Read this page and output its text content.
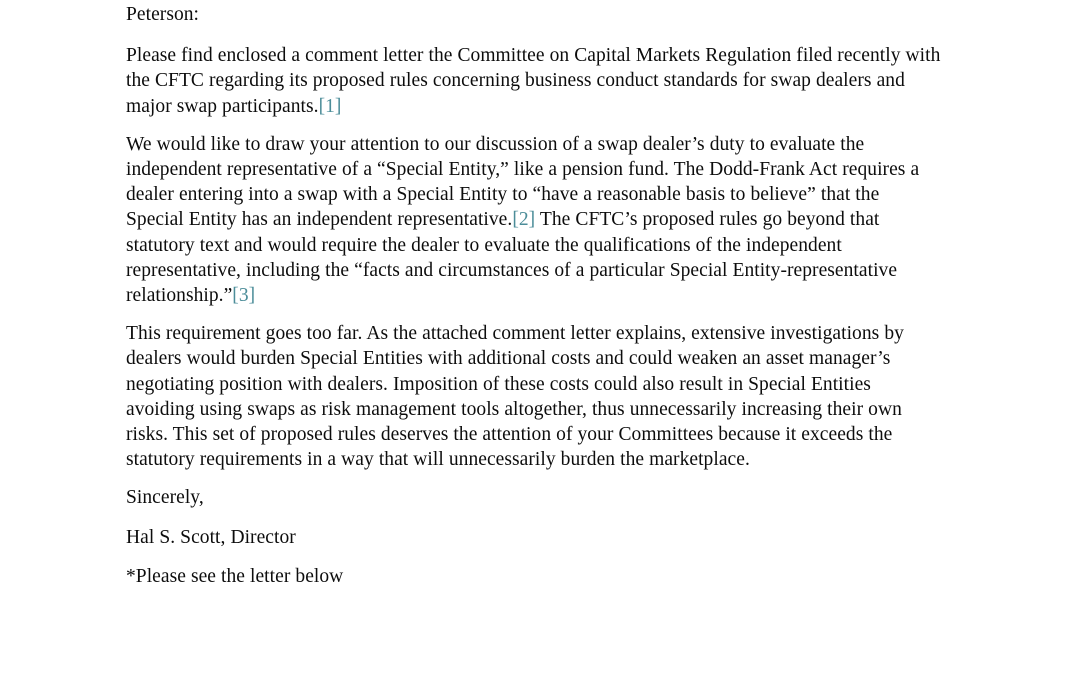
Peterson:

Please find enclosed a comment letter the Committee on Capital Markets Regulation filed recently with the CFTC regarding its proposed rules concerning business conduct standards for swap dealers and major swap participants.[1]

We would like to draw your attention to our discussion of a swap dealer’s duty to evaluate the independent representative of a “Special Entity,” like a pension fund. The Dodd-Frank Act requires a dealer entering into a swap with a Special Entity to “have a reasonable basis to believe” that the Special Entity has an independent representative.[2] The CFTC’s proposed rules go beyond that statutory text and would require the dealer to evaluate the qualifications of the independent representative, including the “facts and circumstances of a particular Special Entity-representative relationship.”[3]

This requirement goes too far. As the attached comment letter explains, extensive investigations by dealers would burden Special Entities with additional costs and could weaken an asset manager’s negotiating position with dealers. Imposition of these costs could also result in Special Entities avoiding using swaps as risk management tools altogether, thus unnecessarily increasing their own risks. This set of proposed rules deserves the attention of your Committees because it exceeds the statutory requirements in a way that will unnecessarily burden the marketplace.

Sincerely,

Hal S. Scott, Director

*Please see the letter below
